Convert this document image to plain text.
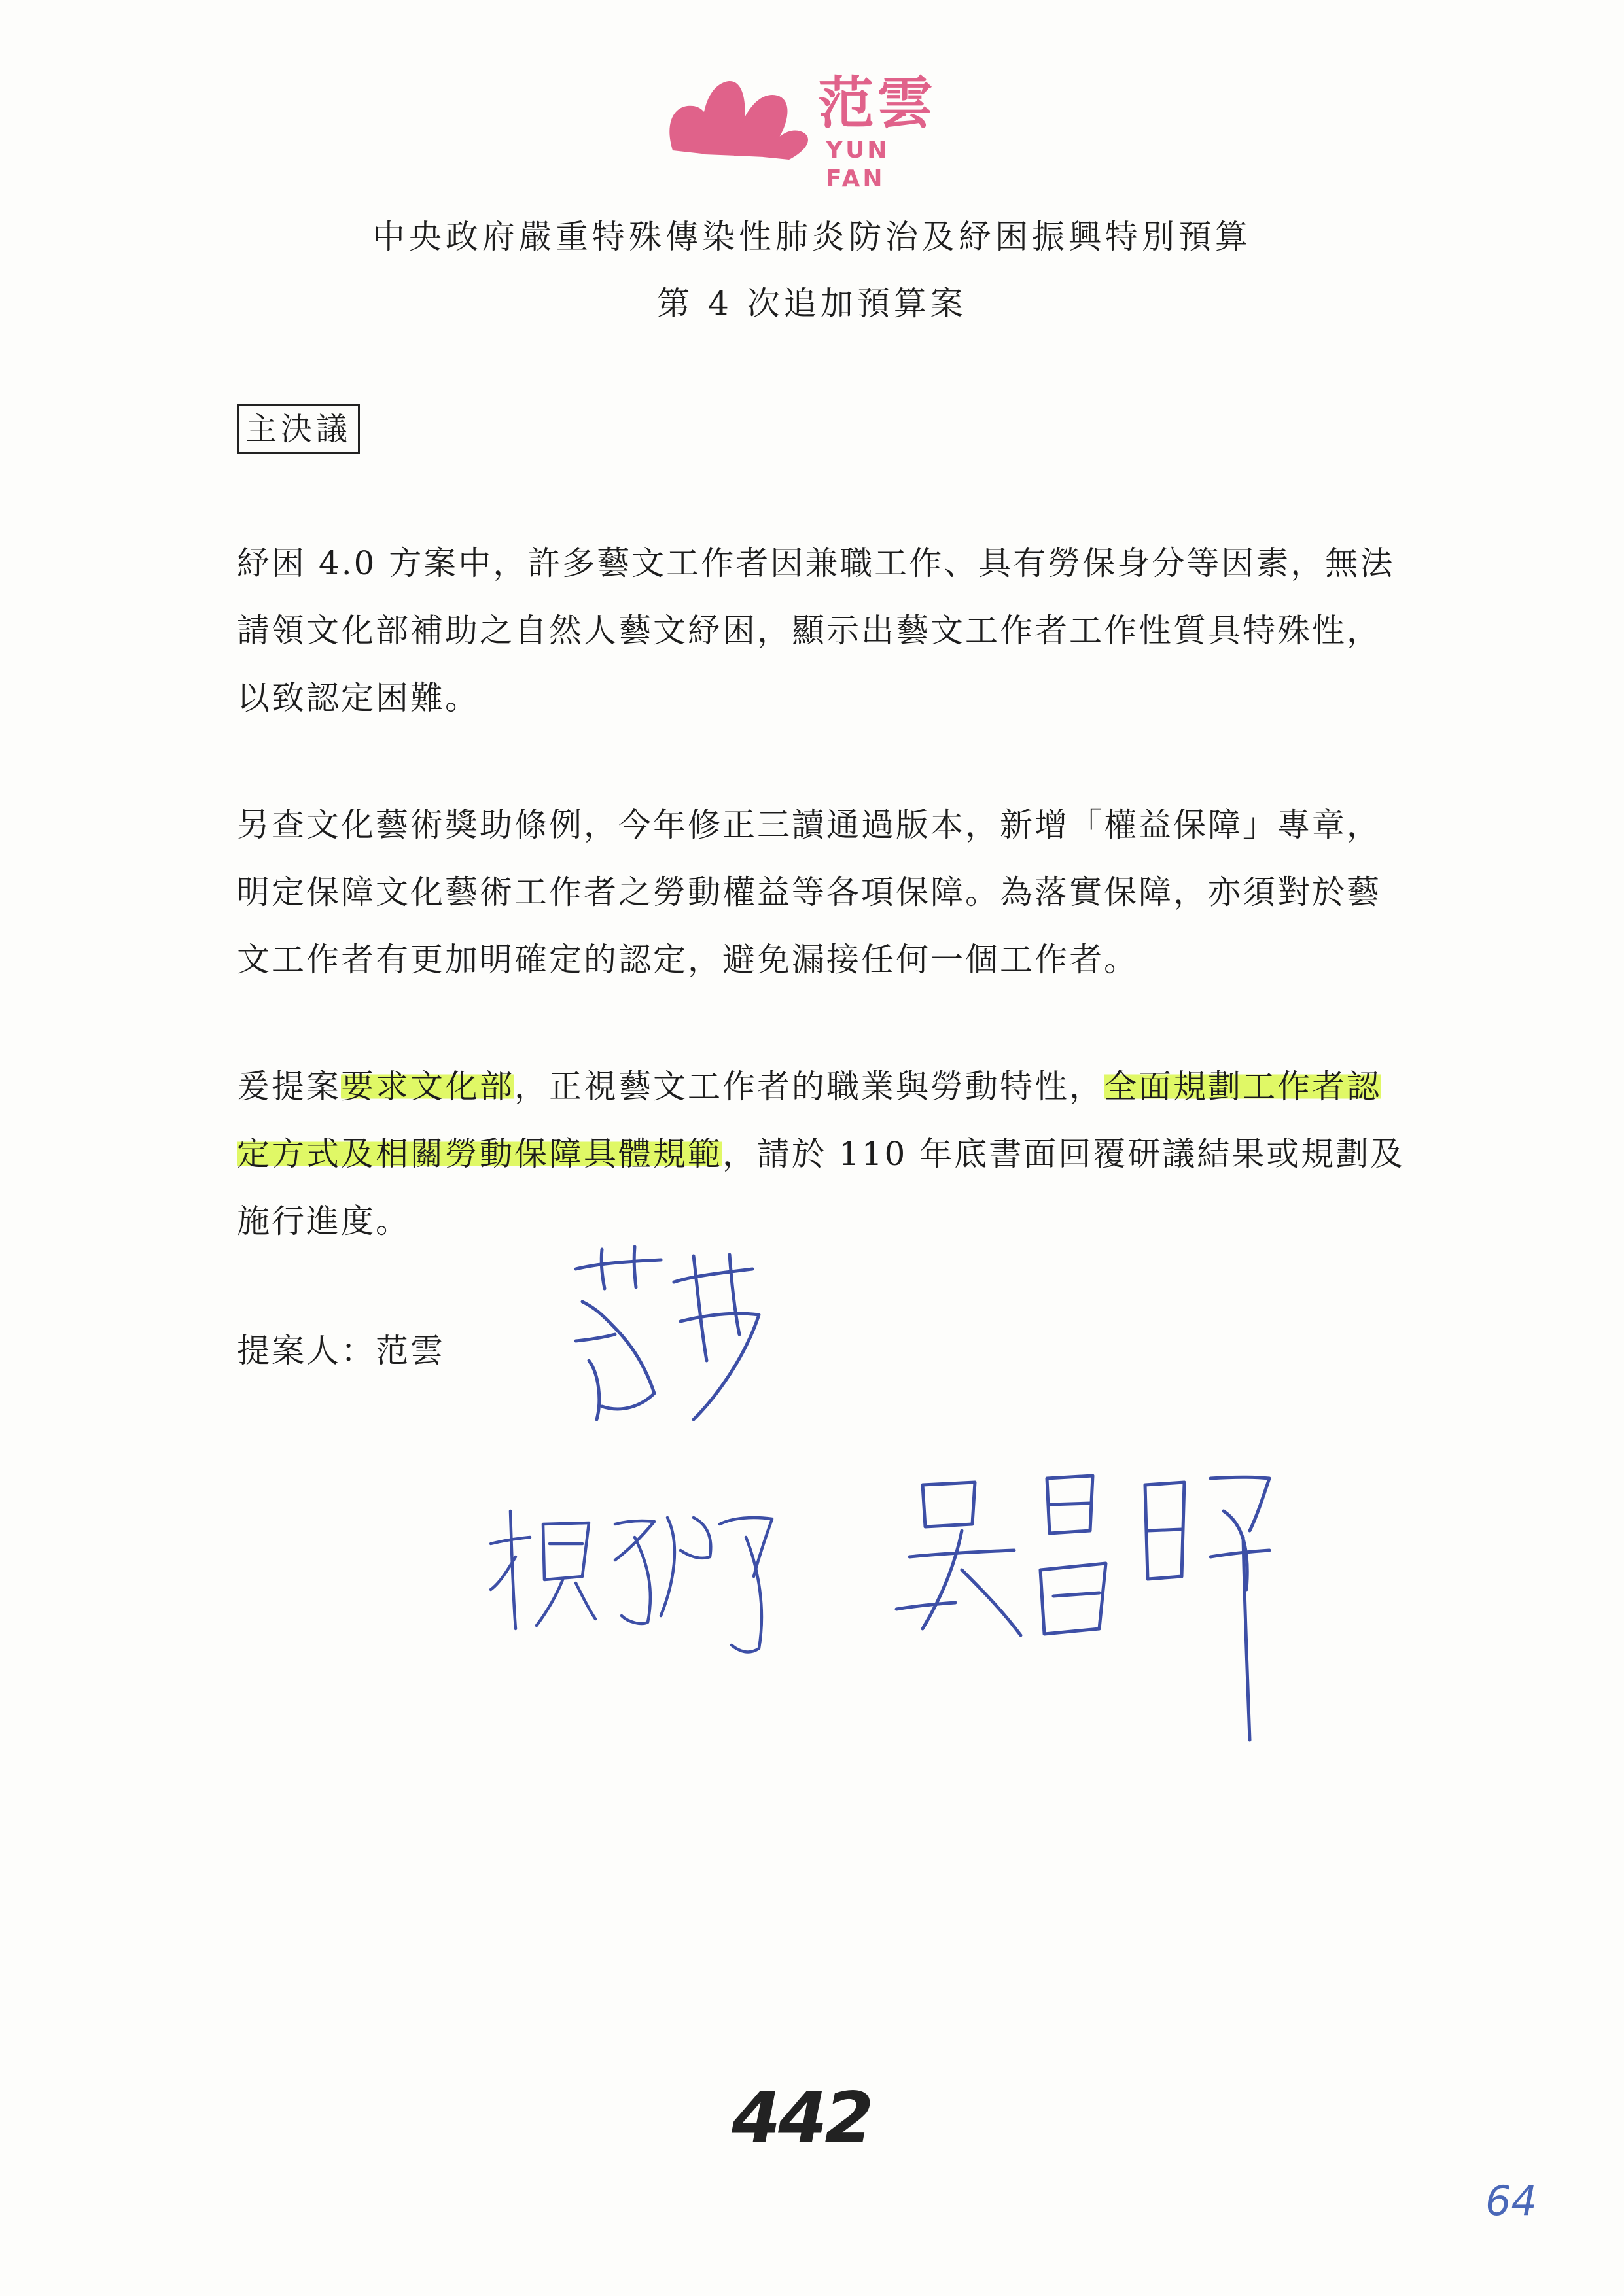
范雲
YUN FAN
中央政府嚴重特殊傳染性肺炎防治及紓困振興特別預算
第 4 次追加預算案
主決議
紓困 4.0 方案中，許多藝文工作者因兼職工作、具有勞保身分等因素，無法請領文化部補助之自然人藝文紓困，顯示出藝文工作者工作性質具特殊性，以致認定困難。
另查文化藝術獎助條例，今年修正三讀通過版本，新增「權益保障」專章，明定保障文化藝術工作者之勞動權益等各項保障。為落實保障，亦須對於藝文工作者有更加明確定的認定，避免漏接任何一個工作者。
爰提案要求文化部，正視藝文工作者的職業與勞動特性，全面規劃工作者認定方式及相關勞動保障具體規範，請於 110 年底書面回覆研議結果或規劃及施行進度。
提案人：范雲
442
64
